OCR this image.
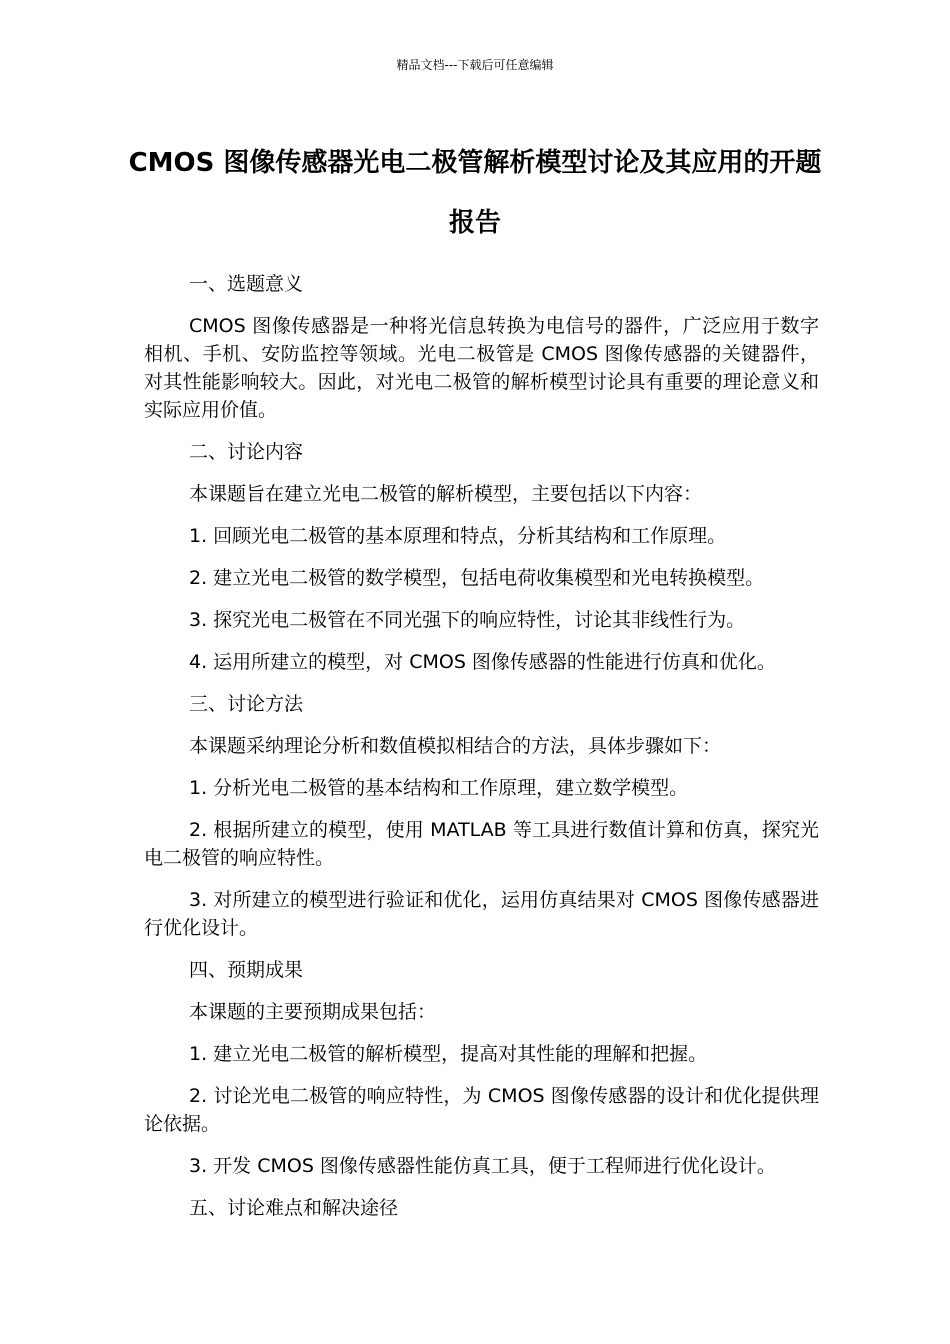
精品文档---下载后可任意编辑
CMOS 图像传感器光电二极管解析模型讨论及其应用的开题报告

一、选题意义

CMOS 图像传感器是一种将光信息转换为电信号的器件，广泛应用于数字相机、手机、安防监控等领域。光电二极管是 CMOS 图像传感器的关键器件，对其性能影响较大。因此，对光电二极管的解析模型讨论具有重要的理论意义和实际应用价值。

二、讨论内容

本课题旨在建立光电二极管的解析模型，主要包括以下内容：

1. 回顾光电二极管的基本原理和特点，分析其结构和工作原理。

2. 建立光电二极管的数学模型，包括电荷收集模型和光电转换模型。

3. 探究光电二极管在不同光强下的响应特性，讨论其非线性行为。

4. 运用所建立的模型，对 CMOS 图像传感器的性能进行仿真和优化。

三、讨论方法

本课题采纳理论分析和数值模拟相结合的方法，具体步骤如下：

1. 分析光电二极管的基本结构和工作原理，建立数学模型。

2. 根据所建立的模型，使用 MATLAB 等工具进行数值计算和仿真，探究光电二极管的响应特性。

3. 对所建立的模型进行验证和优化，运用仿真结果对 CMOS 图像传感器进行优化设计。

四、预期成果

本课题的主要预期成果包括：

1. 建立光电二极管的解析模型，提高对其性能的理解和把握。

2. 讨论光电二极管的响应特性，为 CMOS 图像传感器的设计和优化提供理论依据。

3. 开发 CMOS 图像传感器性能仿真工具，便于工程师进行优化设计。

五、讨论难点和解决途径
